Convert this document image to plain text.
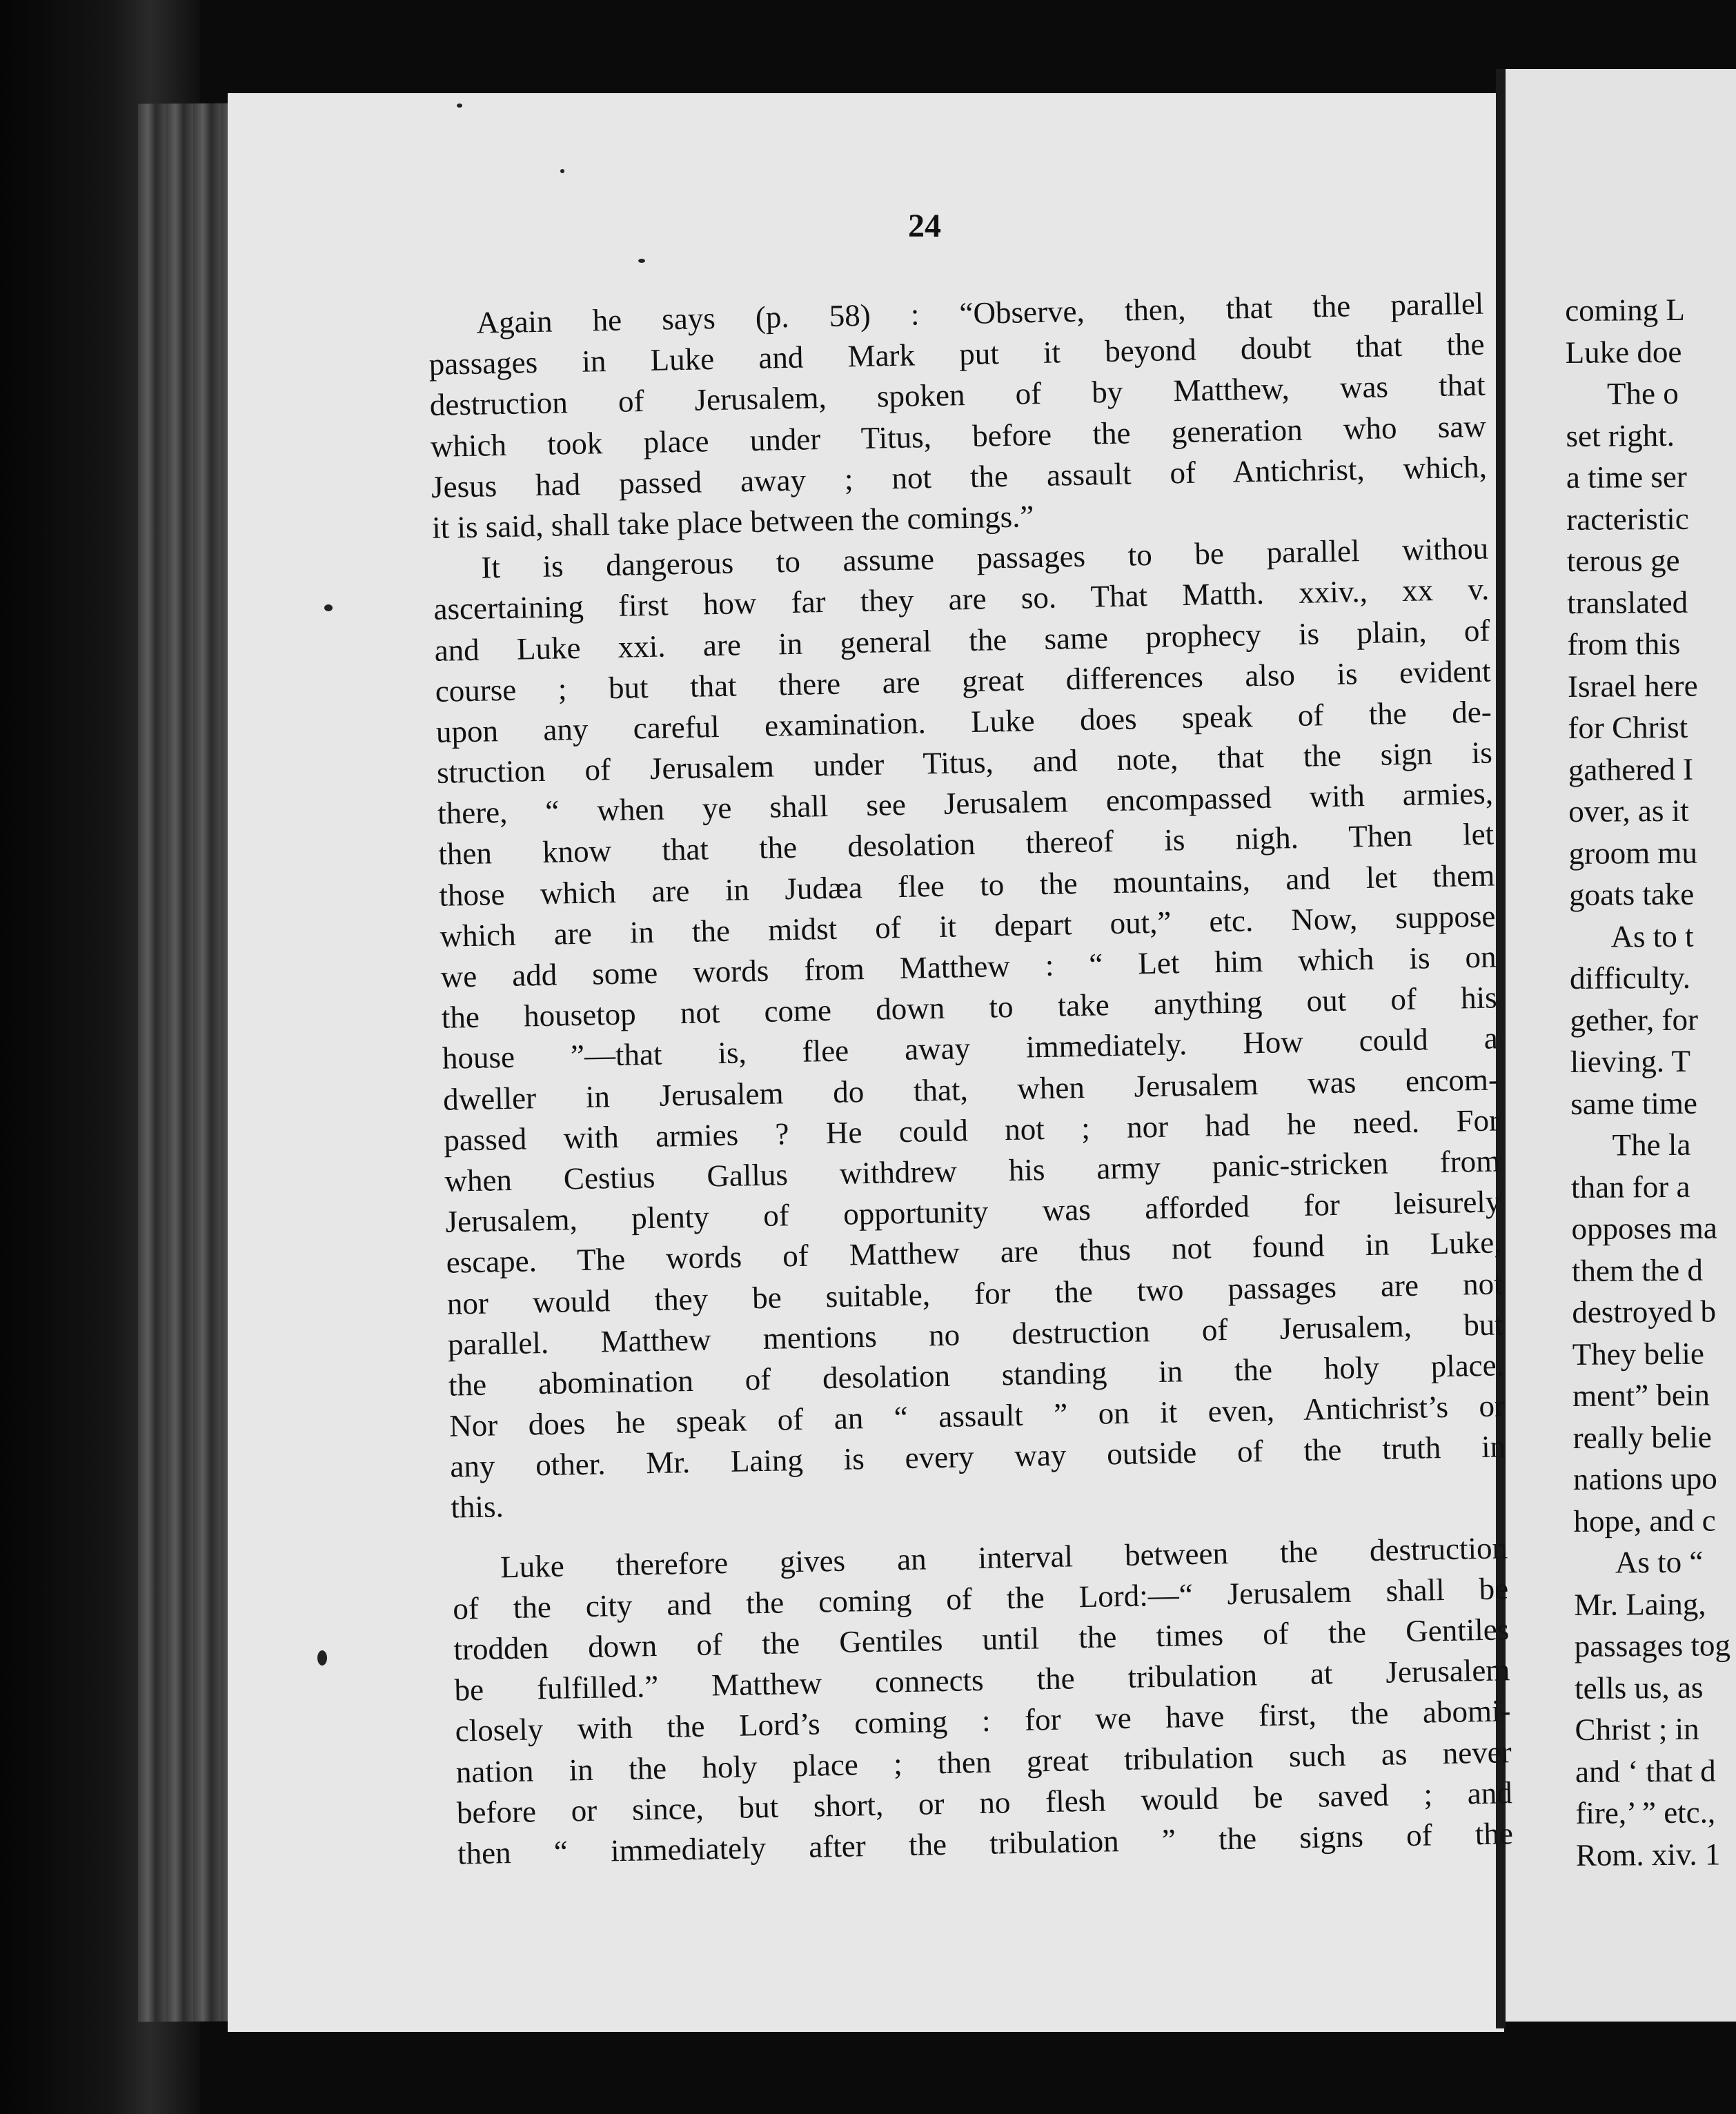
24
Again he says (p. 58) : “Observe, then, that the parallel
passages in Luke and Mark put it beyond doubt that the
destruction of Jerusalem, spoken of by Matthew, was that
which took place under Titus, before the generation who saw
Jesus had passed away ; not the assault of Antichrist, which,
it is said, shall take place between the comings.”
It is dangerous to assume passages to be parallel withou
ascertaining first how far they are so. That Matth. xxiv., xx v.
and Luke xxi. are in general the same prophecy is plain, of
course ; but that there are great differences also is evident
upon any careful examination. Luke does speak of the de-
struction of Jerusalem under Titus, and note, that the sign is
there, “ when ye shall see Jerusalem encompassed with armies,
then know that the desolation thereof is nigh. Then let
those which are in Judæa flee to the mountains, and let them
which are in the midst of it depart out,” etc. Now, suppose
we add some words from Matthew : “ Let him which is on
the housetop not come down to take anything out of his
house ”—that is, flee away immediately. How could a
dweller in Jerusalem do that, when Jerusalem was encom-
passed with armies ? He could not ; nor had he need. For
when Cestius Gallus withdrew his army panic-stricken from
Jerusalem, plenty of opportunity was afforded for leisurely
escape. The words of Matthew are thus not found in Luke,
nor would they be suitable, for the two passages are not
parallel. Matthew mentions no destruction of Jerusalem, but
the abomination of desolation standing in the holy place.
Nor does he speak of an “ assault ” on it even, Antichrist’s or
any other. Mr. Laing is every way outside of the truth in
this.
Luke therefore gives an interval between the destruction
of the city and the coming of the Lord:—“ Jerusalem shall be
trodden down of the Gentiles until the times of the Gentiles
be fulfilled.” Matthew connects the tribulation at Jerusalem
closely with the Lord’s coming : for we have first, the abomi-
nation in the holy place ; then great tribulation such as never
before or since, but short, or no flesh would be saved ; and
then “ immediately after the tribulation ” the signs of the
coming L
Luke doe
The o
set right.
a time ser
racteristic
terous ge
translated
from this
Israel here
for Christ
gathered I
over, as it
groom mu
goats take
As to t
difficulty.
gether, for
lieving. T
same time
The la
than for a
opposes ma
them the d
destroyed b
They belie
ment” bein
really belie
nations upo
hope, and c
As to “
Mr. Laing,
passages tog
tells us, as
Christ ; in
and ‘ that d
fire,’ ” etc.,
Rom. xiv. 1
